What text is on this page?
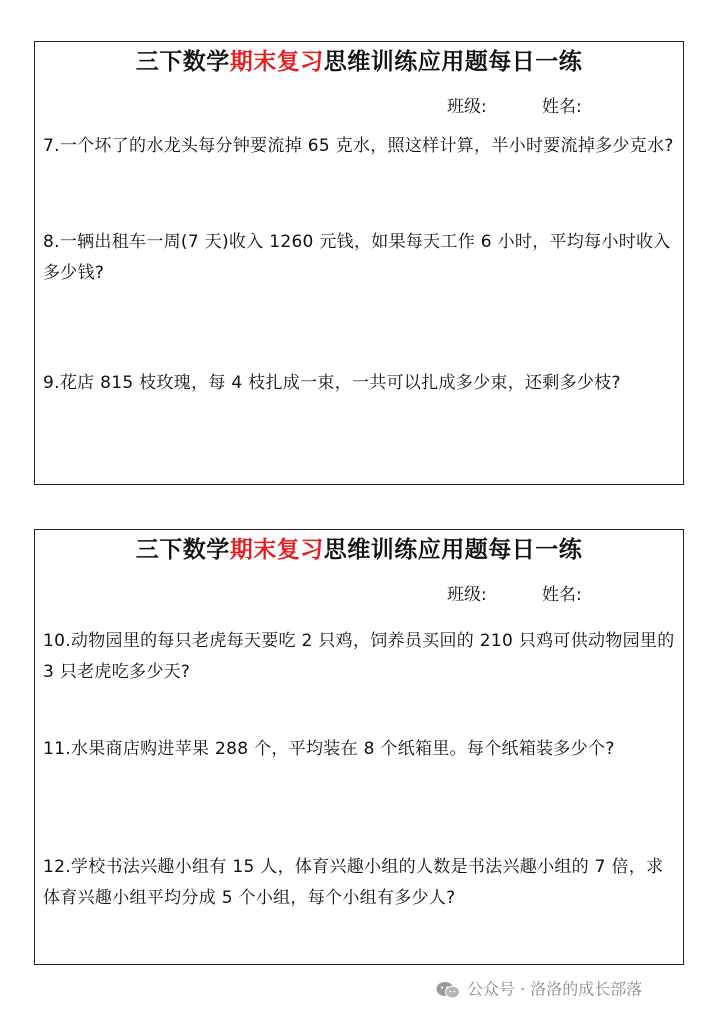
三下数学期末复习思维训练应用题每日一练
班级:	姓名:
7.一个坏了的水龙头每分钟要流掉 65 克水，照这样计算，半小时要流掉多少克水?
8.一辆出租车一周(7 天)收入 1260 元钱，如果每天工作 6 小时，平均每小时收入多少钱?
9.花店 815 枝玫瑰，每 4 枝扎成一束，一共可以扎成多少束，还剩多少枝?
三下数学期末复习思维训练应用题每日一练
班级:	姓名:
10.动物园里的每只老虎每天要吃 2 只鸡，饲养员买回的 210 只鸡可供动物园里的 3 只老虎吃多少天?
11.水果商店购进苹果 288 个，平均装在 8 个纸箱里。每个纸箱装多少个?
12.学校书法兴趣小组有 15 人，体育兴趣小组的人数是书法兴趣小组的 7 倍，求体育兴趣小组平均分成 5 个小组，每个小组有多少人?
公众号 · 洛洛的成长部落
